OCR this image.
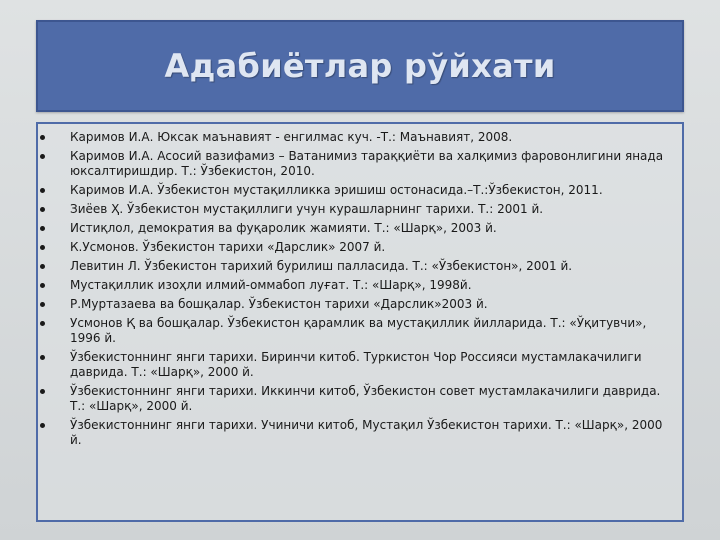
Адабиётлар рўйхати
Каримов И.А. Юксак маънавият - енгилмас куч. -Т.: Маънавият, 2008.
Каримов И.А. Асосий вазифамиз – Ватанимиз тараққиёти ва халқимиз фаровонлигини янада юксалтиришдир. Т.: Ўзбекистон, 2010.
Каримов И.А. Ўзбекистон мустақилликка эришиш остонасида.–Т.:Ўзбекистон, 2011.
Зиёев Ҳ. Ўзбекистон мустақиллиги учун курашларнинг тарихи. Т.: 2001 й.
Истиқлол, демократия ва фуқаролик жамияти. Т.: «Шарқ», 2003 й.
К.Усмонов. Ўзбекистон тарихи «Дарслик» 2007 й.
Левитин Л. Ўзбекистон тарихий бурилиш палласида. Т.: «Ўзбекистон», 2001 й.
Мустақиллик изоҳли илмий-оммабоп луғат. Т.: «Шарқ», 1998й.
Р.Муртазаева ва бошқалар. Ўзбекистон тарихи «Дарслик»2003 й.
Усмонов Қ ва бошқалар. Ўзбекистон қарамлик ва мустақиллик йилларида. Т.: «Ўқитувчи», 1996 й.
Ўзбекистоннинг янги тарихи. Биринчи китоб. Туркистон Чор Россияси мустамлакачилиги даврида. Т.: «Шарқ», 2000 й.
Ўзбекистоннинг янги тарихи. Иккинчи китоб, Ўзбекистон совет мустамлакачилиги даврида. Т.: «Шарқ», 2000 й.
Ўзбекистоннинг янги тарихи. Учиничи китоб, Мустақил Ўзбекистон тарихи. Т.: «Шарқ», 2000 й.
